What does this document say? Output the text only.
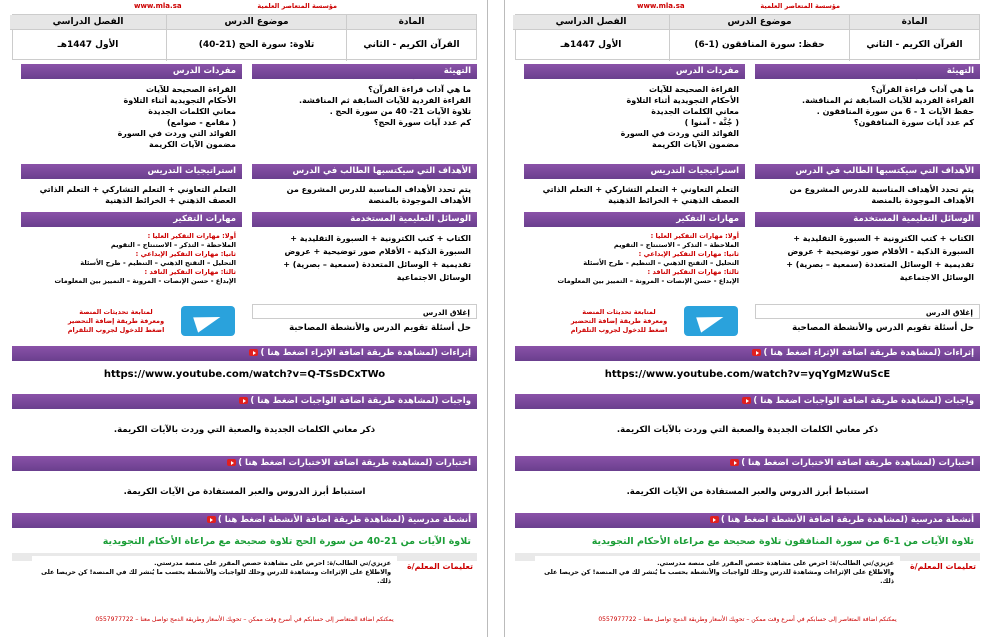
www.mla.sa	مؤسسة المتعاصر العلمية
المادة
القرآن الكريم - الثاني
موضوع الدرس
حفظ: سورة المنافقون (1-6)
الفصل الدراسي
الأول 1447هـ
التهيئة
ما هي آداب قراءة القرآن؟
القراءة الفردية للآيات السابقة ثم المناقشة.
حفظ الآيات 1 - 6 من سورة المنافقون .
كم عدد آيات سورة المنافقون؟
مفردات الدرس
القراءة الصحيحة للآيات
الأحكام التجويدية أثناء التلاوة
معاني الكلمات الجديدة
( جُنَّة - آمنوا )
الفوائد التي وردت في السورة
مضمون الآيات الكريمة
الأهداف التي سيكتسبها الطالب في الدرس
يتم تحدد الأهداف المناسبة للدرس المشروع من الأهداف الموجودة بالمنصة
استراتيجيات التدريس
التعلم التعاوني + التعلم التشاركي + التعلم الذاتي العصف الذهني + الخرائط الذهنية
الوسائل التعليمية المستخدمة
الكتاب + كتب الكترونية + السبورة التقليدية + السبورة الذكية - الأقلام صور توضيحية + عروض تقديمية + الوسائل المتعددة (سمعية – بصرية) + الوسائل الاجتماعية
مهارات التفكير
أولا: مهارات التفكير العليا :
الملاحظة – التذكر – الاستنتاج – التقويم
ثانيا: مهارات التفكير الإبداعي :
التحليل – التفتح الذهني – التنظيم - طرح الأسئلة
ثالثا: مهارات التفكير الناقد :
الإبداع - حسن الإنصات - المرونة – التمييز بين المعلومات
إغلاق الدرس
حل أسئلة تقويم الدرس والأنشطة المصاحبة
لمتابعة تحديثات المنصة
ومعرفة طريقة إضافة التحضير
اضغط للدخول لجروب التلقرام
إثراءات (لمشاهدة طريقة اضافة الإثراء اضغط هنا )
https://www.youtube.com/watch?v=yqYgMzWuScE
واجبات (لمشاهدة طريقة اضافة الواجبات اضغط هنا )
ذكر معاني الكلمات الجديدة والصعبة التي وردت بالآيات الكريمة.
اختبارات (لمشاهدة طريقة اضافة الاختبارات اضغط هنا )
استنباط أبرز الدروس والعبر المستفادة من الآيات الكريمة.
أنشطة مدرسية (لمشاهدة طريقة اضافة الأنشطة اضغط هنا )
تلاوة الآيات من 1-6 من سورة المنافقون تلاوة صحيحة مع مراعاة الأحكام التجويدية
تعليمات المعلم/ة
عزيزي/تي الطالب/ة: احرص على مشاهدة حصص المقرر على منصة مدرستي.
والاطلاع على الإثراءات ومشاهدة للدرس وحلك للواجبات والأنشطة بحسب ما يُنشر لك في المنصة! كن حريصا على ذلك.
يمكنكم اضافة المتعاصر إلى حسابكم في أسرع وقت ممكن – تحويك الأسعار وطريقة الدمج تواصل معنا – 0557977722
www.mla.sa	مؤسسة المتعاصر العلمية
المادة
القرآن الكريم - الثاني
موضوع الدرس
تلاوة: سورة الحج (21-40)
الفصل الدراسي
الأول 1447هـ
التهيئة
ما هي آداب قراءة القرآن؟
القراءة الفردية للآيات السابقة ثم المناقشة.
تلاوة الآيات 21- 40 من سورة الحج .
كم عدد آيات سورة الحج؟
مفردات الدرس
القراءة الصحيحة للآيات
الأحكام التجويدية أثناء التلاوة
معاني الكلمات الجديدة
( مقامع - صوامع)
الفوائد التي وردت في السورة
مضمون الآيات الكريمة
الأهداف التي سيكتسبها الطالب في الدرس
يتم تحدد الأهداف المناسبة للدرس المشروع من الأهداف الموجودة بالمنصة
استراتيجيات التدريس
التعلم التعاوني + التعلم التشاركي + التعلم الذاتي العصف الذهني + الخرائط الذهنية
الوسائل التعليمية المستخدمة
الكتاب + كتب الكترونية + السبورة التقليدية + السبورة الذكية - الأقلام صور توضيحية + عروض تقديمية + الوسائل المتعددة (سمعية – بصرية) + الوسائل الاجتماعية
مهارات التفكير
أولا: مهارات التفكير العليا :
الملاحظة – التذكر – الاستنتاج – التقويم
ثانيا: مهارات التفكير الإبداعي :
التحليل – التفتح الذهني – التنظيم - طرح الأسئلة
ثالثا: مهارات التفكير الناقد :
الإبداع - حسن الإنصات - المرونة – التمييز بين المعلومات
إغلاق الدرس
حل أسئلة تقويم الدرس والأنشطة المصاحبة
لمتابعة تحديثات المنصة
ومعرفة طريقة إضافة التحضير
اضغط للدخول لجروب التلقرام
إثراءات (لمشاهدة طريقة اضافة الإثراء اضغط هنا )
https://www.youtube.com/watch?v=Q-TSsDCxTWo
واجبات (لمشاهدة طريقة اضافة الواجبات اضغط هنا )
ذكر معاني الكلمات الجديدة والصعبة التي وردت بالآيات الكريمة.
اختبارات (لمشاهدة طريقة اضافة الاختبارات اضغط هنا )
استنباط أبرز الدروس والعبر المستفادة من الآيات الكريمة.
أنشطة مدرسية (لمشاهدة طريقة اضافة الأنشطة اضغط هنا )
تلاوة الآيات من 21-40 من سورة الحج تلاوة صحيحة مع مراعاة الأحكام التجويدية
تعليمات المعلم/ة
عزيزي/تي الطالب/ة: احرص على مشاهدة حصص المقرر على منصة مدرستي.
والاطلاع على الإثراءات ومشاهدة للدرس وحلك للواجبات والأنشطة بحسب ما يُنشر لك في المنصة! كن حريصا على ذلك.
يمكنكم اضافة المتعاصر إلى حسابكم في أسرع وقت ممكن – تحويك الأسعار وطريقة الدمج تواصل معنا – 0557977722
